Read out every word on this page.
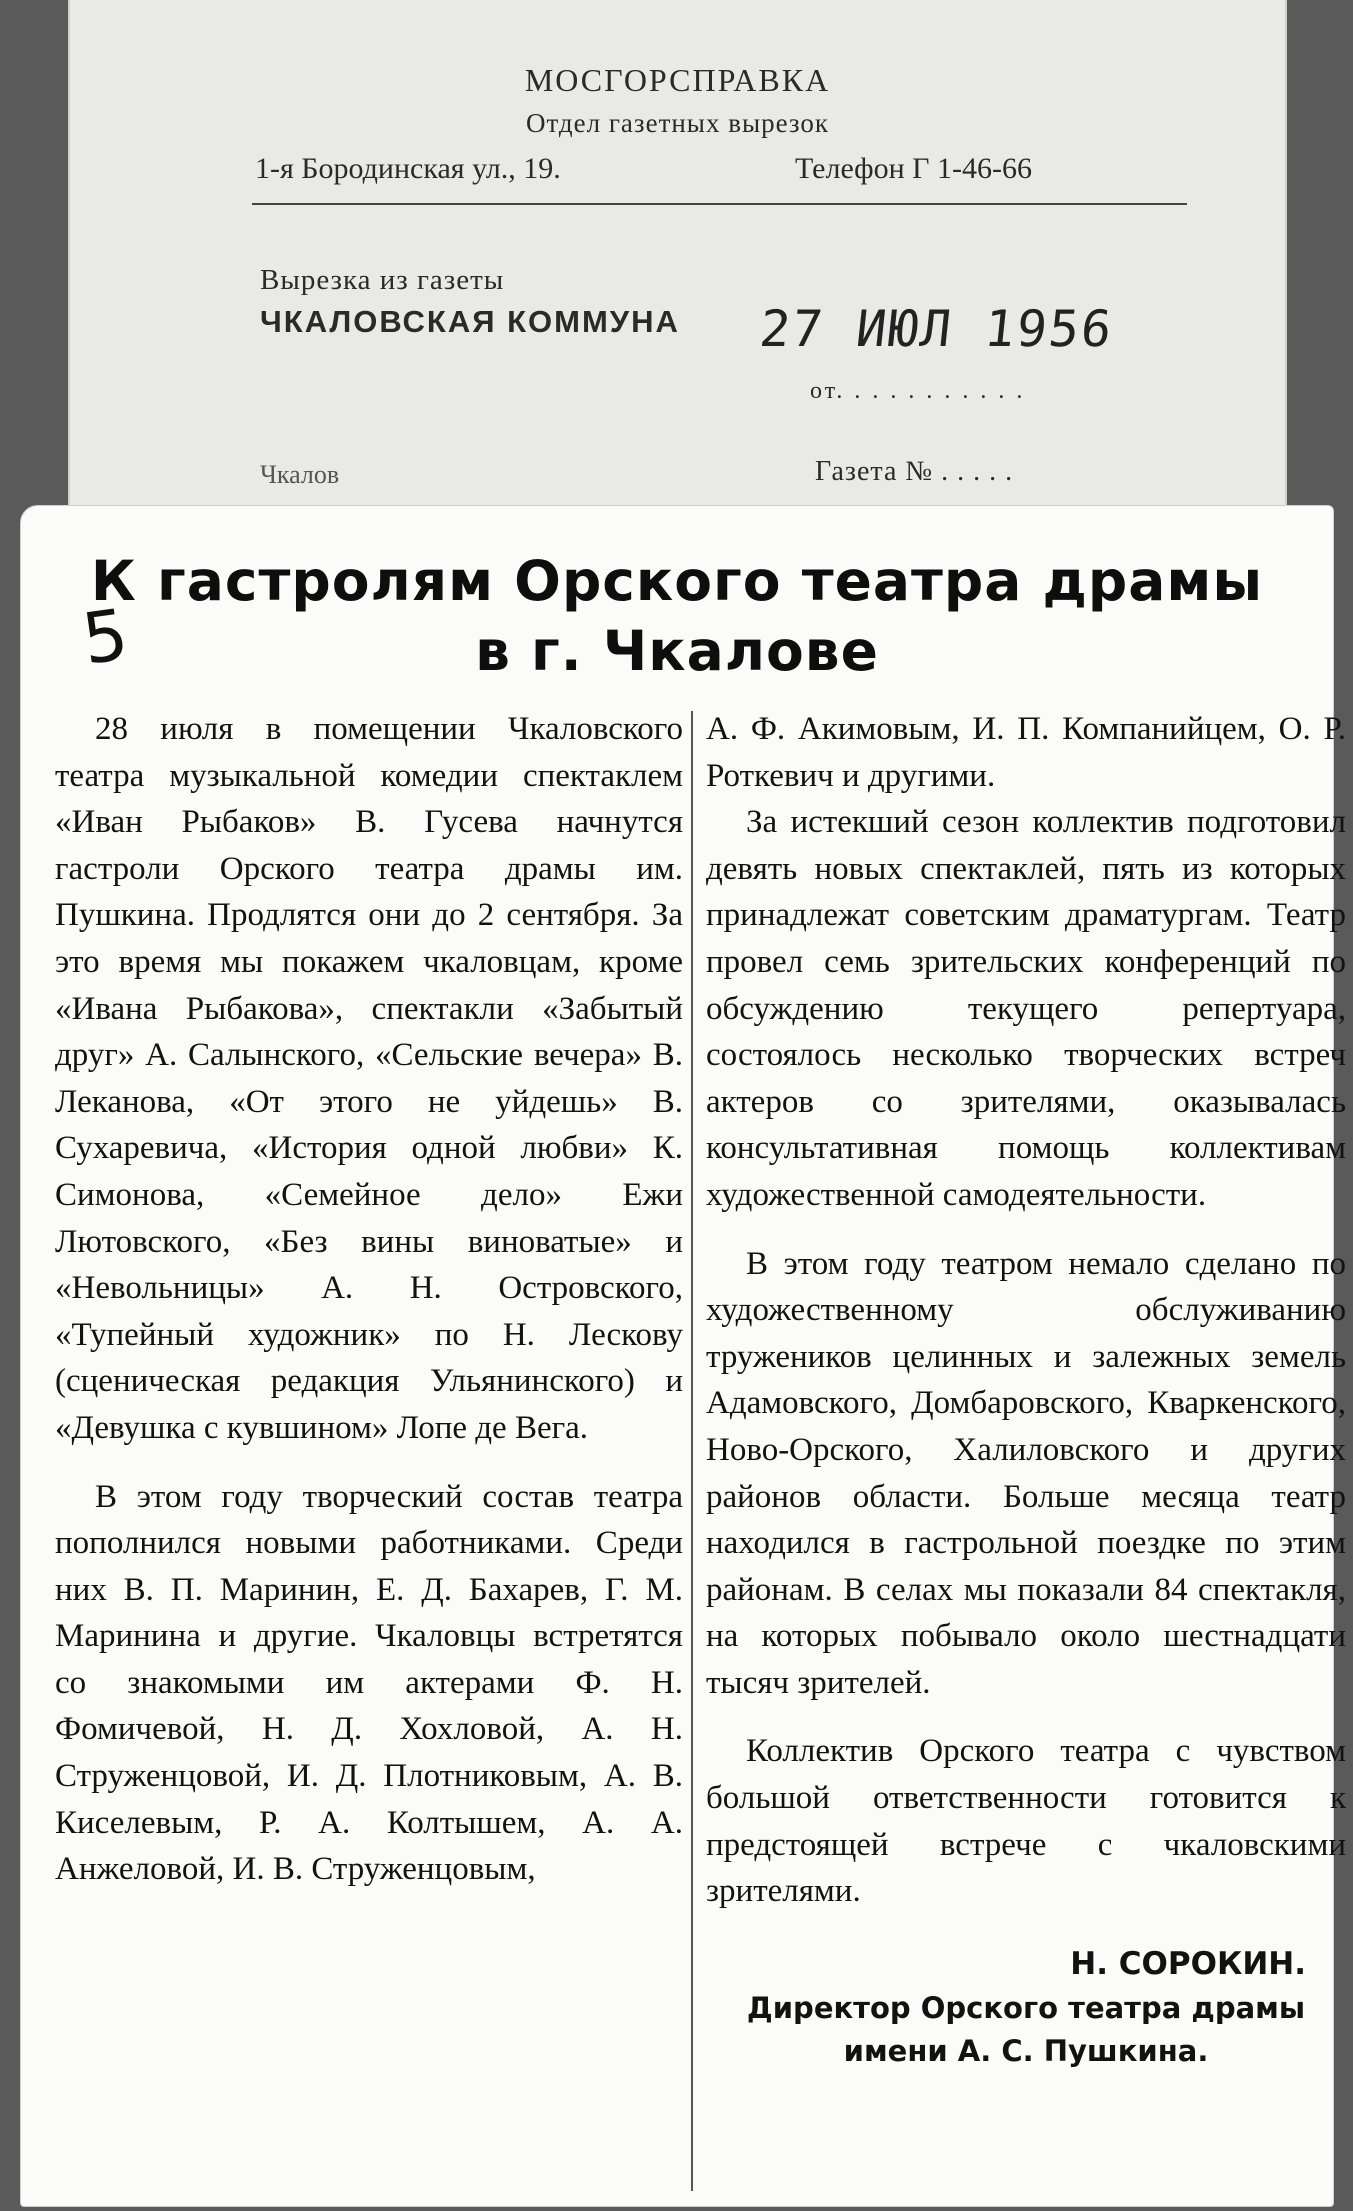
МОСГОРСПРАВКА
Отдел газетных вырезок
1-я Бородинская ул., 19.	Телефон Г 1-46-66
Вырезка из газеты
ЧКАЛОВСКАЯ КОММУНА 27 ИЮЛ 1956
от. . . . . . . . . . .
Чкалов	Газета № . . . . .
5
К гастролям Орского театра драмы
в г. Чкалове

28 июля в помещении Чкаловского театра музыкальной комедии спектаклем «Иван Рыбаков» В. Гусева начнутся гастроли Орского театра драмы им. Пушкина. Продлятся они до 2 сентября. За это время мы покажем чкаловцам, кроме «Ивана Рыбакова», спектакли «Забытый друг» А. Салынского, «Сельские вечера» В. Леканова, «От этого не уйдешь» В. Сухаревича, «История одной любви» К. Симонова, «Семейное дело» Ежи Лютовского, «Без вины виноватые» и «Невольницы» А. Н. Островского, «Тупейный художник» по Н. Лескову (сценическая редакция Ульянинского) и «Девушка с кувшином» Лопе де Вега.

В этом году творческий состав театра пополнился новыми работниками. Среди них В. П. Маринин, Е. Д. Бахарев, Г. М. Маринина и другие. Чкаловцы встретятся со знакомыми им актерами Ф. Н. Фомичевой, Н. Д. Хохловой, А. Н. Струженцовой, И. Д. Плотниковым, А. В. Киселевым, Р. А. Колтышем, А. А. Анжеловой, И. В. Струженцовым,

А. Ф. Акимовым, И. П. Компанийцем, О. Р. Роткевич и другими.

За истекший сезон коллектив подготовил девять новых спектаклей, пять из которых принадлежат советским драматургам. Театр провел семь зрительских конференций по обсуждению текущего репертуара, состоялось несколько творческих встреч актеров со зрителями, оказывалась консультативная помощь коллективам художественной самодеятельности.

В этом году театром немало сделано по художественному обслуживанию тружеников целинных и залежных земель Адамовского, Домбаровского, Кваркенского, Ново-Орского, Халиловского и других районов области. Больше месяца театр находился в гастрольной поездке по этим районам. В селах мы показали 84 спектакля, на которых побывало около шестнадцати тысяч зрителей.

Коллектив Орского театра с чувством большой ответственности готовится к предстоящей встрече с чкаловскими зрителями.

Н. СОРОКИН.

Директор Орского театра драмы

имени А. С. Пушкина.
